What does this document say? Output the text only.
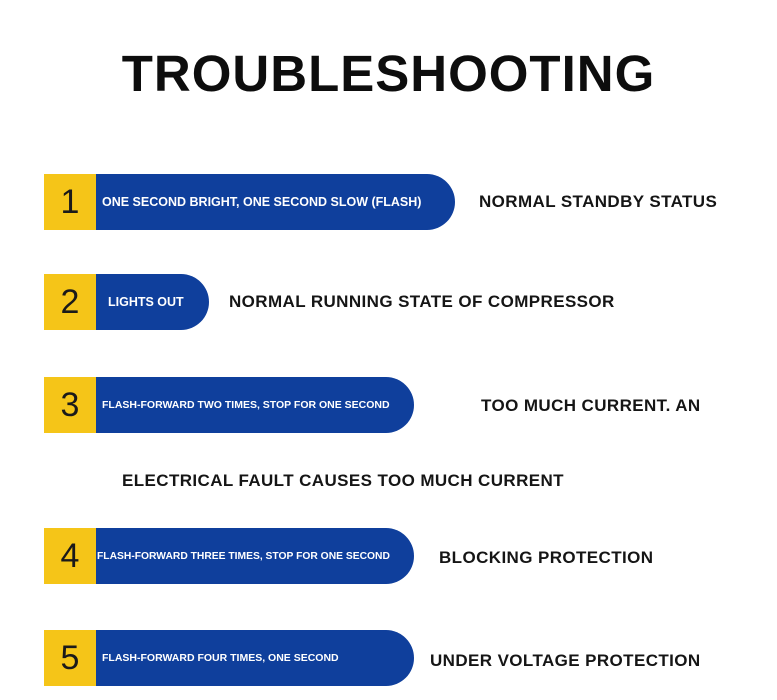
TROUBLESHOOTING
1	ONE SECOND BRIGHT, ONE SECOND SLOW (FLASH)	NORMAL STANDBY STATUS
2	LIGHTS OUT	NORMAL RUNNING STATE OF COMPRESSOR
3	FLASH-FORWARD TWO TIMES, STOP FOR ONE SECOND	TOO MUCH CURRENT. AN
ELECTRICAL FAULT CAUSES TOO MUCH CURRENT
4	FLASH-FORWARD THREE TIMES, STOP FOR ONE SECOND	BLOCKING PROTECTION
5	FLASH-FORWARD FOUR TIMES, ONE SECOND	UNDER VOLTAGE PROTECTION
